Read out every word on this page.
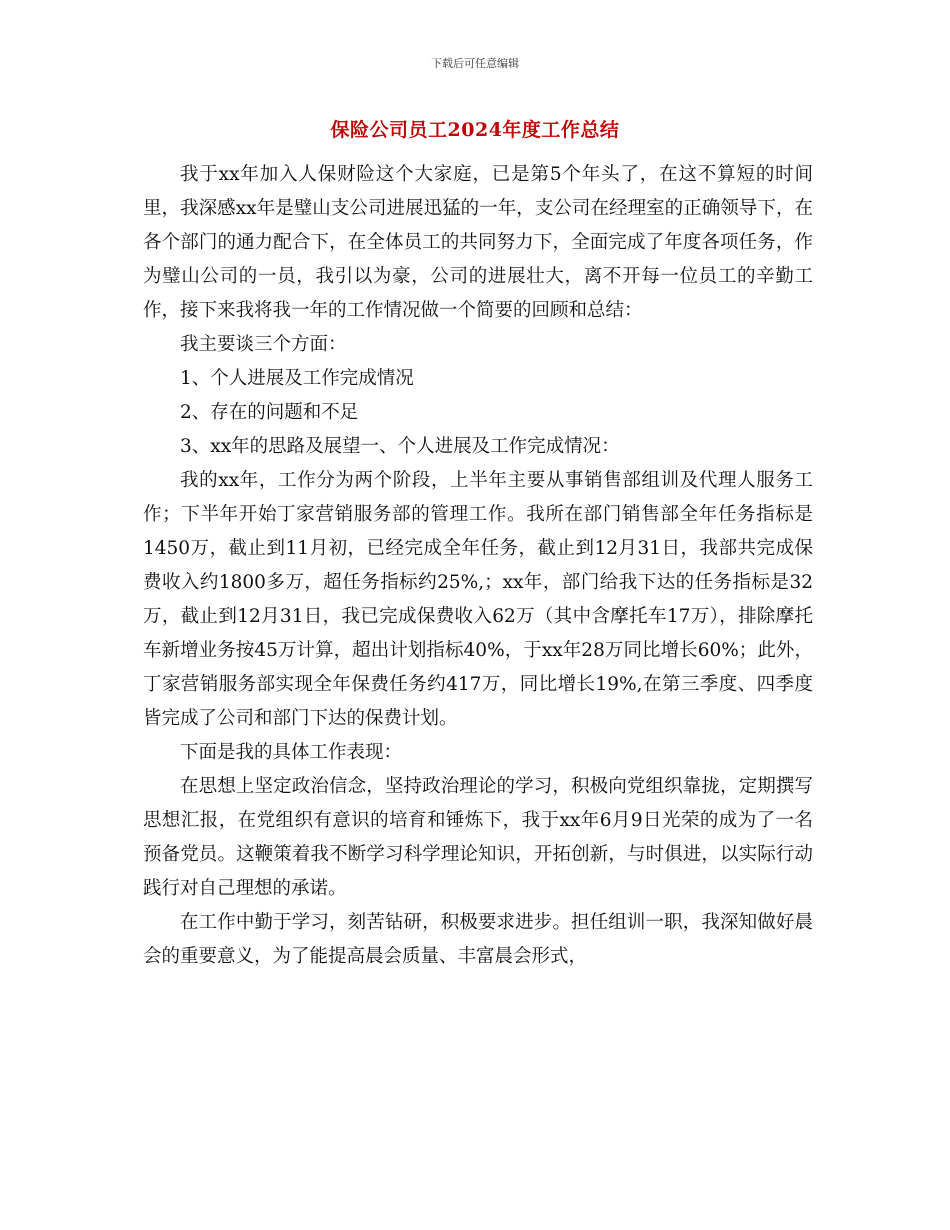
下载后可任意编辑
保险公司员工2024年度工作总结

我于xx年加入人保财险这个大家庭，已是第5个年头了，在这不算短的时间里，我深感xx年是璧山支公司进展迅猛的一年，支公司在经理室的正确领导下，在各个部门的通力配合下，在全体员工的共同努力下，全面完成了年度各项任务，作为璧山公司的一员，我引以为豪，公司的进展壮大，离不开每一位员工的辛勤工作，接下来我将我一年的工作情况做一个简要的回顾和总结：

我主要谈三个方面：

1、个人进展及工作完成情况

2、存在的问题和不足

3、xx年的思路及展望一、个人进展及工作完成情况：

我的xx年，工作分为两个阶段，上半年主要从事销售部组训及代理人服务工作；下半年开始丁家营销服务部的管理工作。我所在部门销售部全年任务指标是1450万，截止到11月初，已经完成全年任务，截止到12月31日，我部共完成保费收入约1800多万，超任务指标约25%,；xx年，部门给我下达的任务指标是32万，截止到12月31日，我已完成保费收入62万（其中含摩托车17万），排除摩托车新增业务按45万计算，超出计划指标40%，于xx年28万同比增长60%；此外，丁家营销服务部实现全年保费任务约417万，同比增长19%,在第三季度、四季度皆完成了公司和部门下达的保费计划。

下面是我的具体工作表现：

在思想上坚定政治信念，坚持政治理论的学习，积极向党组织靠拢，定期撰写思想汇报，在党组织有意识的培育和锤炼下，我于xx年6月9日光荣的成为了一名预备党员。这鞭策着我不断学习科学理论知识，开拓创新，与时俱进，以实际行动践行对自己理想的承诺。

在工作中勤于学习，刻苦钻研，积极要求进步。担任组训一职，我深知做好晨会的重要意义，为了能提高晨会质量、丰富晨会形式，
